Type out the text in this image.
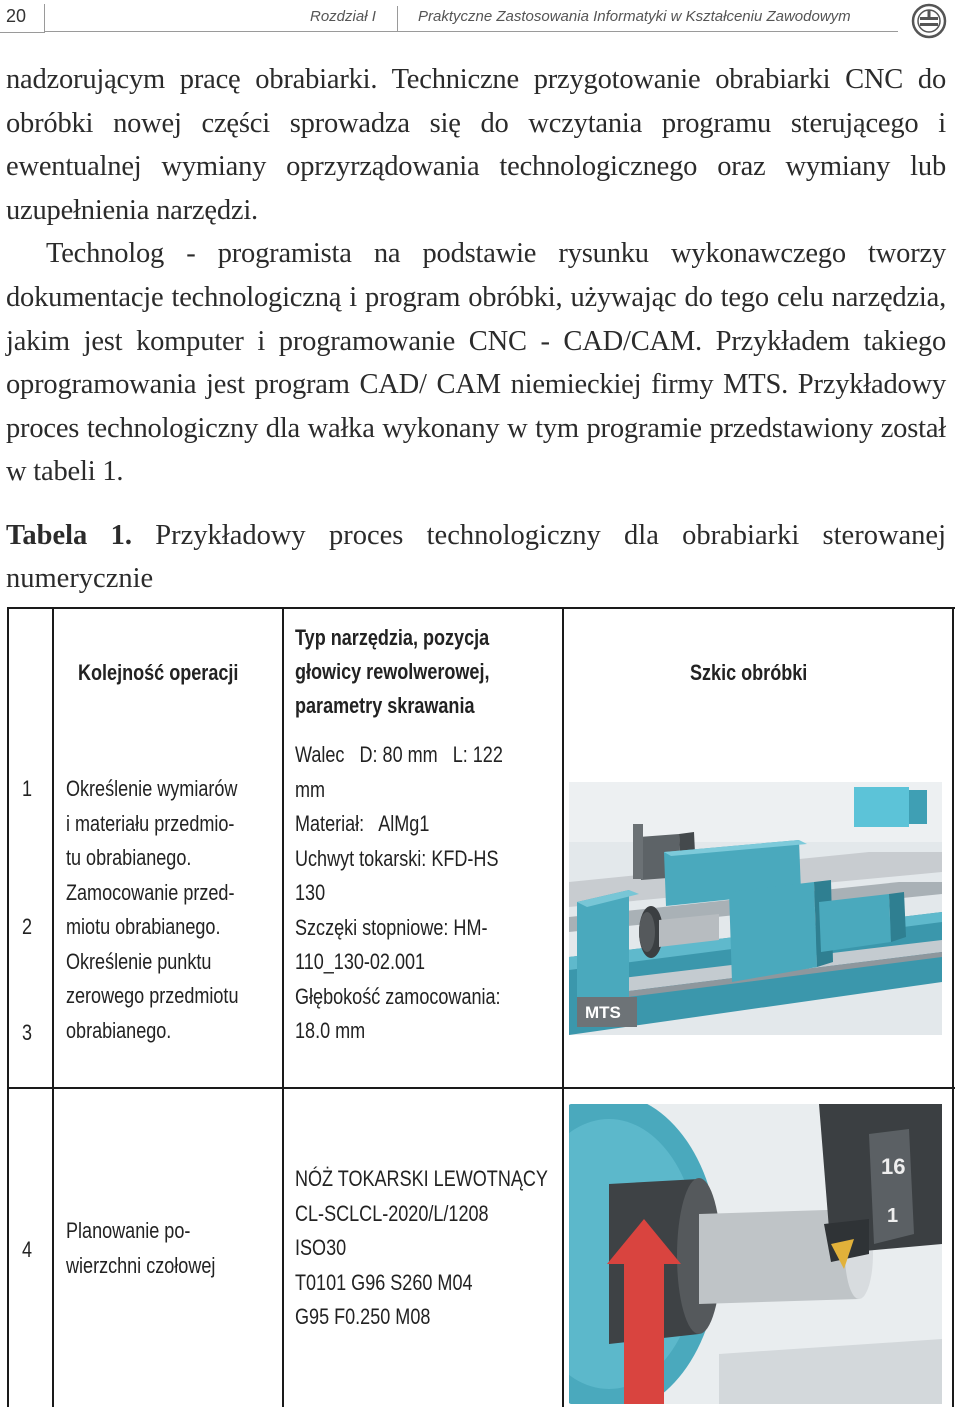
20	Rozdział I	Praktyczne Zastosowania Informatyki w Kształceniu Zawodowym

nadzorującym pracę obrabiarki. Techniczne przygotowanie obrabiarki CNC do obróbki nowej części sprowadza się do wczytania programu sterującego i ewentualnej wymiany oprzyrządowania technologicznego oraz wymiany lub uzupełnienia narzędzi.

Technolog - programista na podstawie rysunku wykonawczego tworzy dokumentacje technologiczną i program obróbki, używając do tego celu narzędzia, jakim jest komputer i programowanie CNC - CAD/CAM. Przykładem takiego oprogramowania jest program CAD/ CAM niemieckiej firmy MTS. Przykładowy proces technologiczny dla wałka wykonany w tym programie przedstawiony został w tabeli 1.

Tabela 1. Przykładowy proces technologiczny dla obrabiarki sterowanej numerycznie
Kolejność operacji
Typ narzędzia, pozycja
głowicy rewolwerowej,
parametry skrawania
Szkic obróbki
1
2
3
Określenie wymiarów
i materiału przedmio-
tu obrabianego.
Zamocowanie przed-
miotu obrabianego.
Określenie punktu
zerowego przedmiotu
obrabianego.
Walec   D: 80 mm   L: 122
mm
Materiał:   AlMg1
Uchwyt tokarski: KFD-HS
130
Szczęki stopniowe: HM-
110_130-02.001
Głębokość zamocowania:
18.0 mm
MTS
4
Planowanie po-
wierzchni czołowej
NÓŻ TOKARSKI LEWOTNĄCY
CL-SCLCL-2020/L/1208
ISO30
T0101 G96 S260 M04
G95 F0.250 M08
16
1
